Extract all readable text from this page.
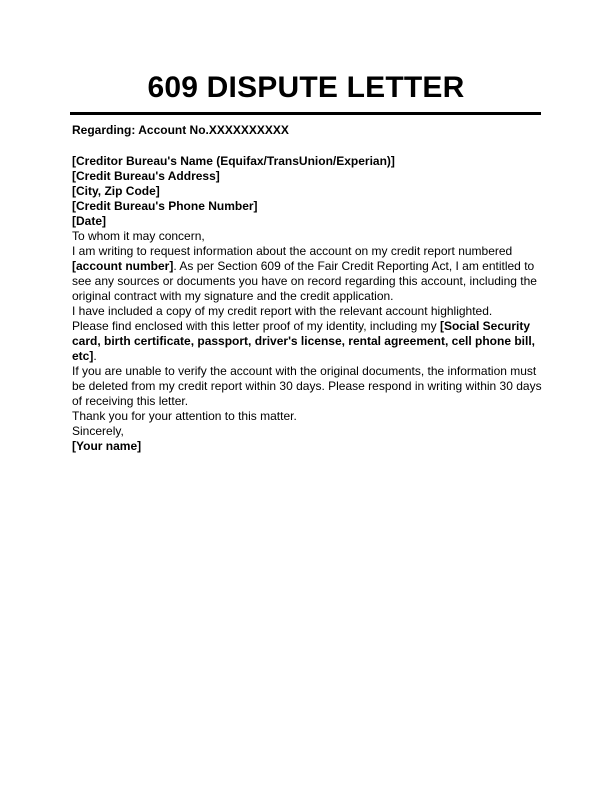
609 DISPUTE LETTER

Regarding: Account No.XXXXXXXXXX

[Creditor Bureau's Name (Equifax/TransUnion/Experian)]

[Credit Bureau's Address]

[City, Zip Code]

[Credit Bureau's Phone Number]

[Date]

To whom it may concern,

I am writing to request information about the account on my credit report numbered [account number]. As per Section 609 of the Fair Credit Reporting Act, I am entitled to see any sources or documents you have on record regarding this account, including the original contract with my signature and the credit application.

I have included a copy of my credit report with the relevant account highlighted.

Please find enclosed with this letter proof of my identity, including my [Social Security card, birth certificate, passport, driver's license, rental agreement, cell phone bill, etc].

If you are unable to verify the account with the original documents, the information must be deleted from my credit report within 30 days. Please respond in writing within 30 days of receiving this letter.

Thank you for your attention to this matter.

Sincerely,

[Your name]
